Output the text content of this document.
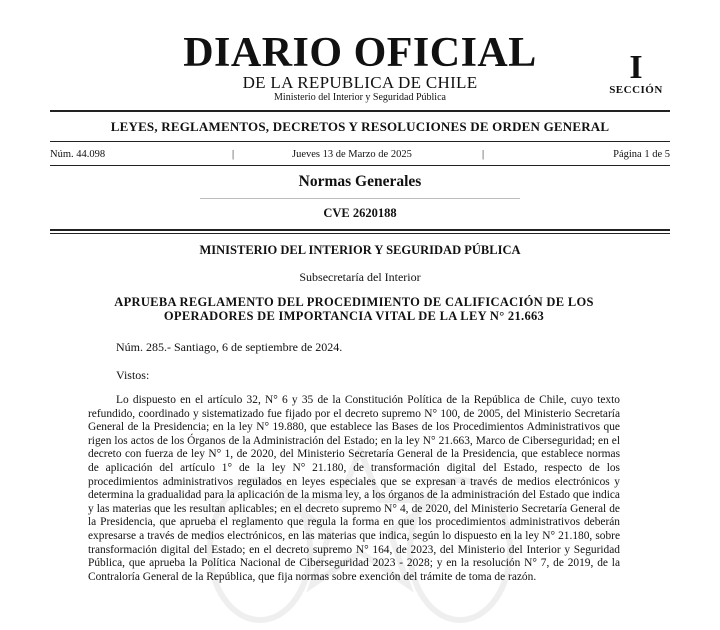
DIARIO OFICIAL
DE LA REPUBLICA DE CHILE
Ministerio del Interior y Seguridad Pública
I
SECCIÓN
LEYES, REGLAMENTOS, DECRETOS Y RESOLUCIONES DE ORDEN GENERAL
Núm. 44.098	|	Jueves 13 de Marzo de 2025	|	Página 1 de 5
Normas Generales
CVE 2620188
MINISTERIO DEL INTERIOR Y SEGURIDAD PÚBLICA
Subsecretaría del Interior
APRUEBA REGLAMENTO DEL PROCEDIMIENTO DE CALIFICACIÓN DE LOS OPERADORES DE IMPORTANCIA VITAL DE LA LEY N° 21.663
Núm. 285.- Santiago, 6 de septiembre de 2024.
Vistos:

Lo dispuesto en el artículo 32, N° 6 y 35 de la Constitución Política de la República de Chile, cuyo texto refundido, coordinado y sistematizado fue fijado por el decreto supremo N° 100, de 2005, del Ministerio Secretaría General de la Presidencia; en la ley N° 19.880, que establece las Bases de los Procedimientos Administrativos que rigen los actos de los Órganos de la Administración del Estado; en la ley N° 21.663, Marco de Ciberseguridad; en el decreto con fuerza de ley N° 1, de 2020, del Ministerio Secretaría General de la Presidencia, que establece normas de aplicación del artículo 1° de la ley N° 21.180, de transformación digital del Estado, respecto de los procedimientos administrativos regulados en leyes especiales que se expresan a través de medios electrónicos y determina la gradualidad para la aplicación de la misma ley, a los órganos de la administración del Estado que indica y las materias que les resultan aplicables; en el decreto supremo N° 4, de 2020, del Ministerio Secretaría General de la Presidencia, que aprueba el reglamento que regula la forma en que los procedimientos administrativos deberán expresarse a través de medios electrónicos, en las materias que indica, según lo dispuesto en la ley N° 21.180, sobre transformación digital del Estado; en el decreto supremo N° 164, de 2023, del Ministerio del Interior y Seguridad Pública, que aprueba la Política Nacional de Ciberseguridad 2023 - 2028; y en la resolución N° 7, de 2019, de la Contraloría General de la República, que fija normas sobre exención del trámite de toma de razón.
